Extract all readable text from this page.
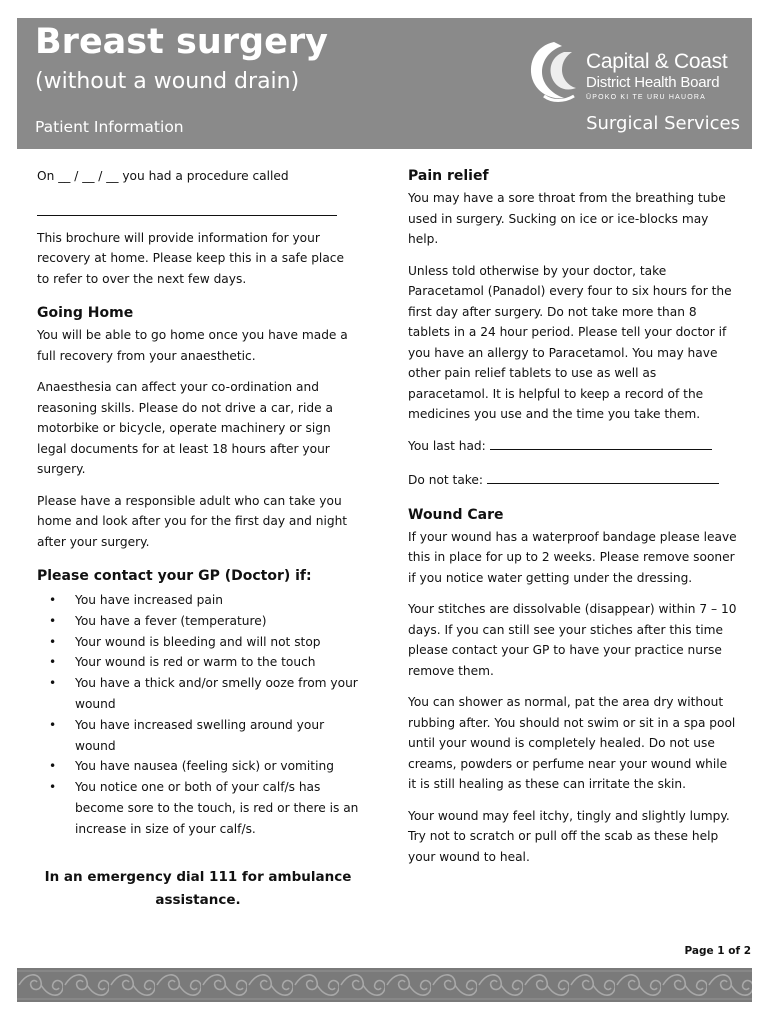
Breast surgery
(without a wound drain)
Patient Information	Surgical Services
Capital & Coast
District Health Board
ŪPOKO KI TE URU HAUORA
On __ / __ / __ you had a procedure called
This brochure will provide information for your recovery at home. Please keep this in a safe place to refer to over the next few days.
Going Home
You will be able to go home once you have made a full recovery from your anaesthetic.
Anaesthesia can affect your co-ordination and reasoning skills. Please do not drive a car, ride a motorbike or bicycle, operate machinery or sign legal documents for at least 18 hours after your surgery.
Please have a responsible adult who can take you home and look after you for the first day and night after your surgery.
Please contact your GP (Doctor) if:
• You have increased pain
• You have a fever (temperature)
• Your wound is bleeding and will not stop
• Your wound is red or warm to the touch
• You have a thick and/or smelly ooze from your wound
• You have increased swelling around your wound
• You have nausea (feeling sick) or vomiting
• You notice one or both of your calf/s has become sore to the touch, is red or there is an increase in size of your calf/s.
In an emergency dial 111 for ambulance assistance.
Pain relief
You may have a sore throat from the breathing tube used in surgery. Sucking on ice or ice-blocks may help.
Unless told otherwise by your doctor, take Paracetamol (Panadol) every four to six hours for the first day after surgery. Do not take more than 8 tablets in a 24 hour period. Please tell your doctor if you have an allergy to Paracetamol. You may have other pain relief tablets to use as well as paracetamol. It is helpful to keep a record of the medicines you use and the time you take them.
You last had:
Do not take:
Wound Care
If your wound has a waterproof bandage please leave this in place for up to 2 weeks. Please remove sooner if you notice water getting under the dressing.
Your stitches are dissolvable (disappear) within 7 – 10 days. If you can still see your stiches after this time please contact your GP to have your practice nurse remove them.
You can shower as normal, pat the area dry without rubbing after. You should not swim or sit in a spa pool until your wound is completely healed. Do not use creams, powders or perfume near your wound while it is still healing as these can irritate the skin.
Your wound may feel itchy, tingly and slightly lumpy. Try not to scratch or pull off the scab as these help your wound to heal.
Page 1 of 2
